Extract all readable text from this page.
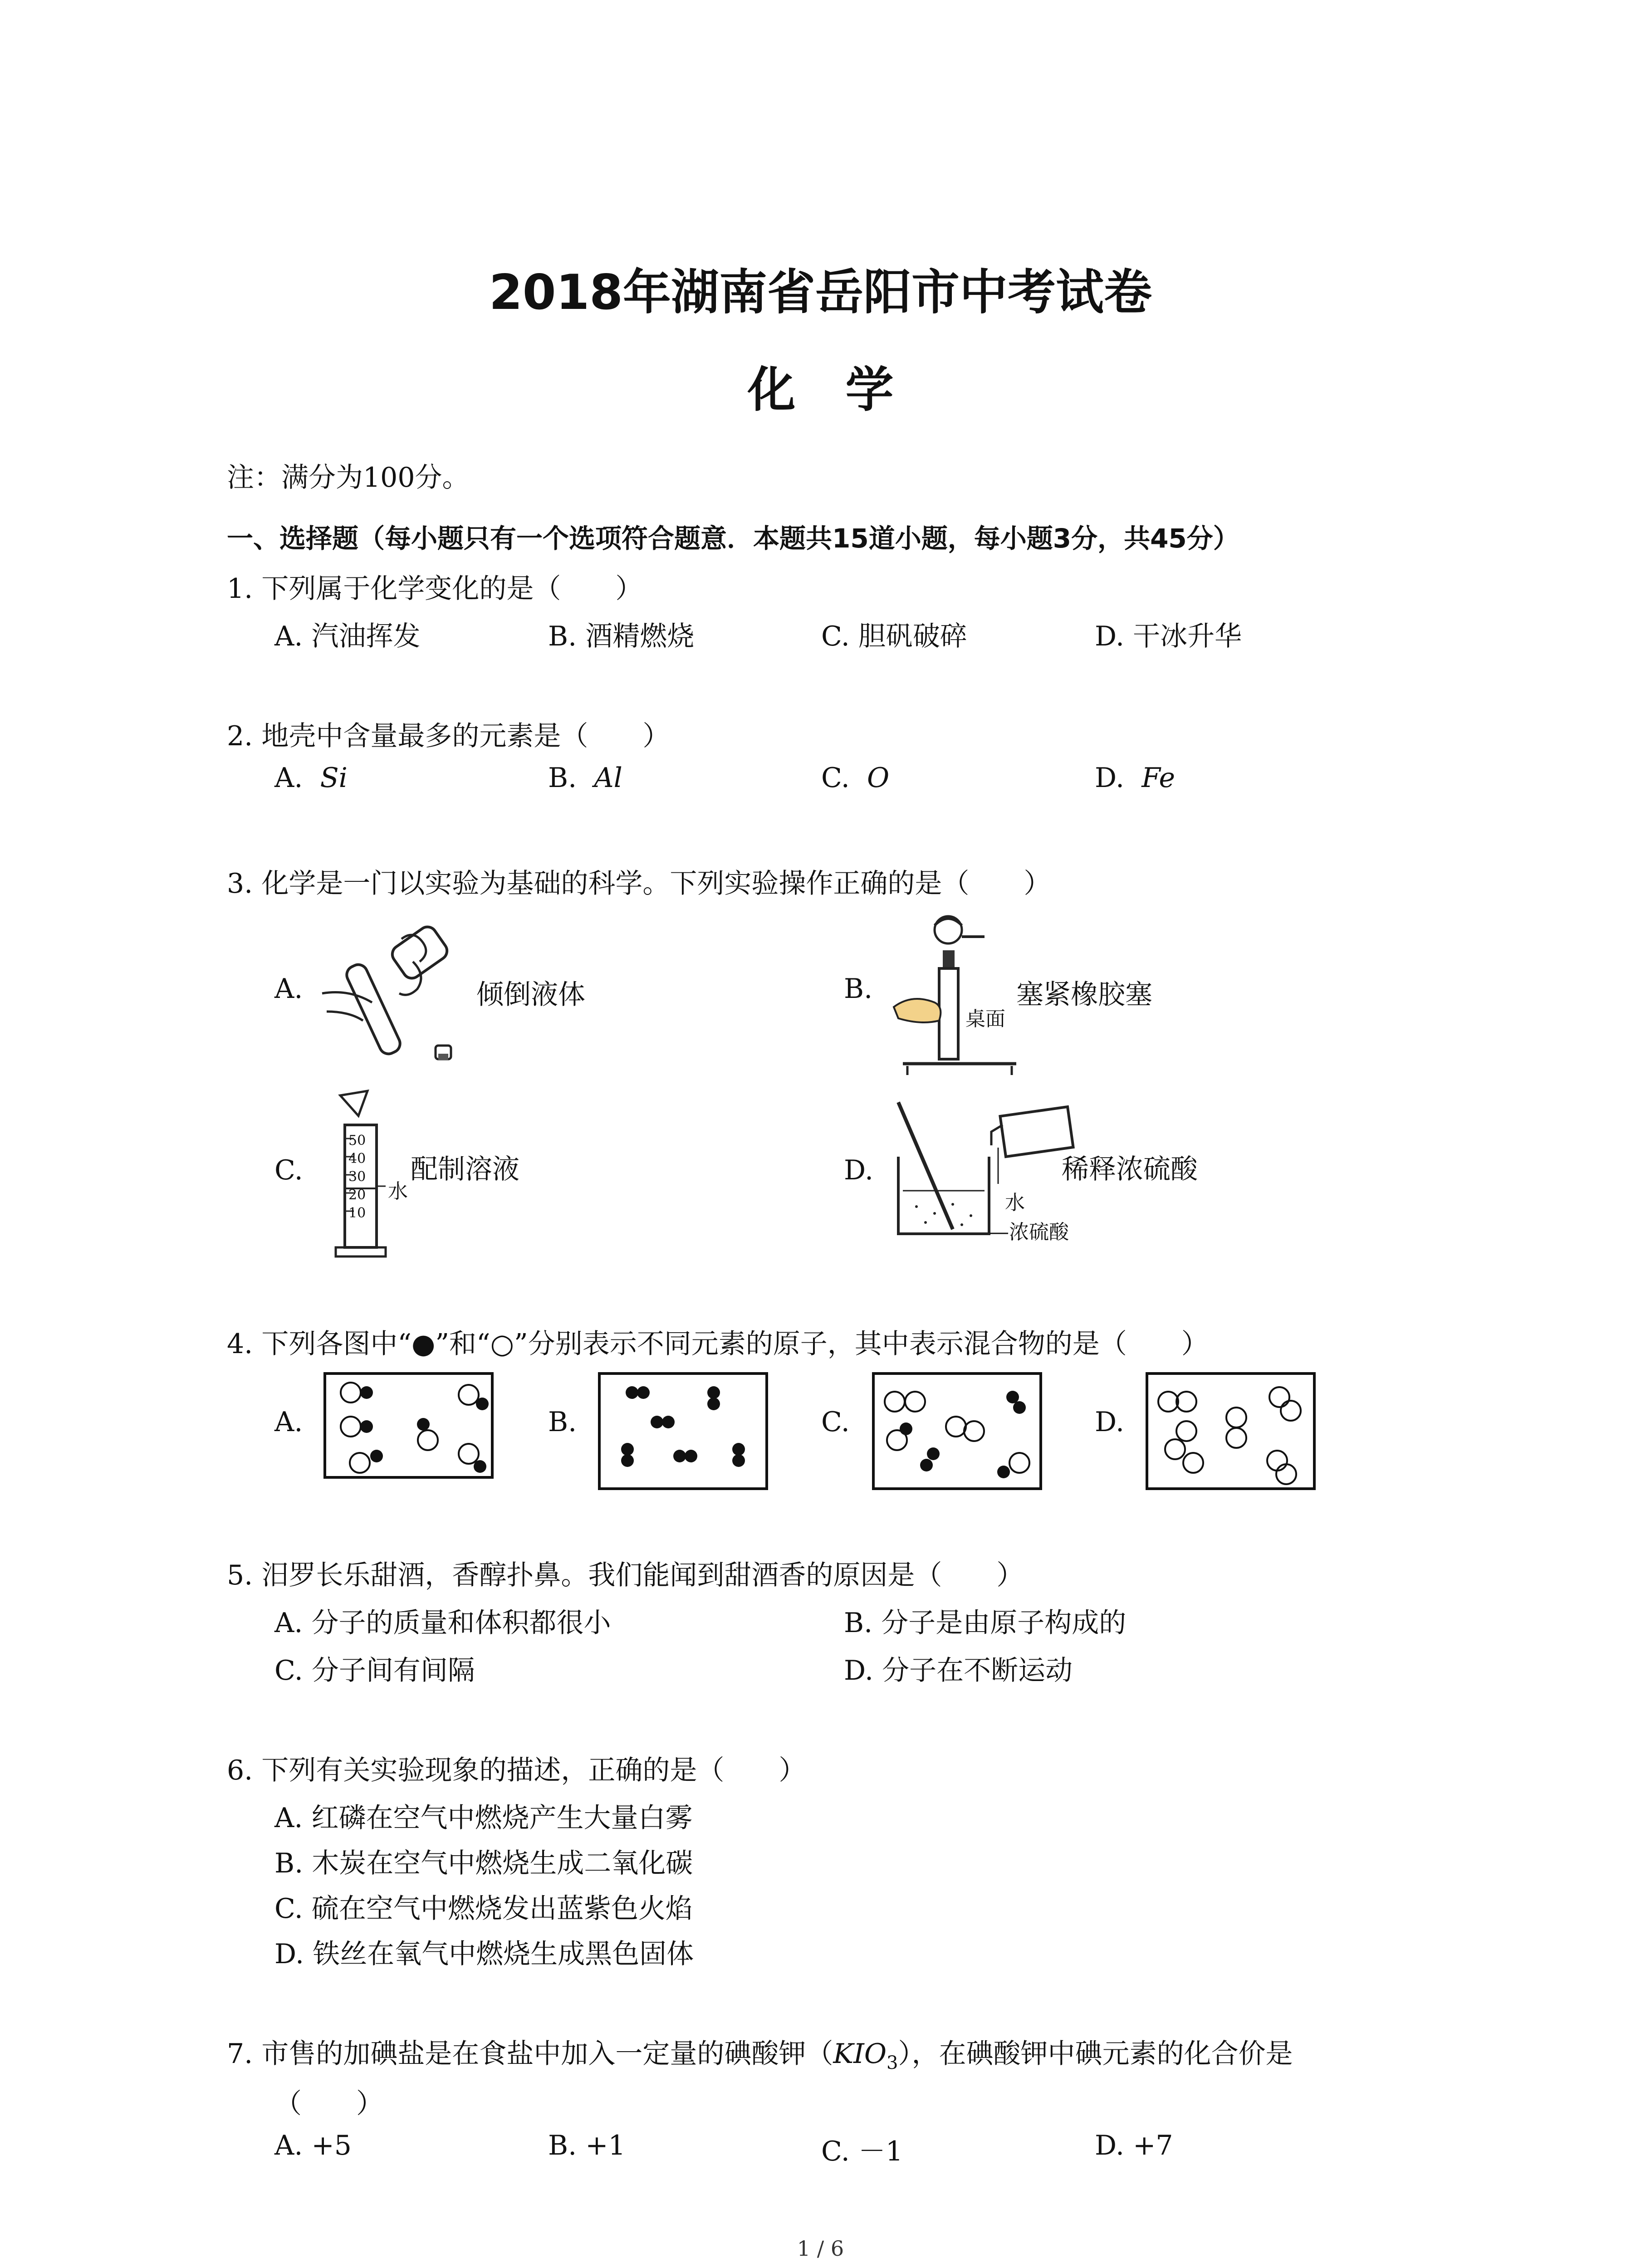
2018年湖南省岳阳市中考试卷
化学
注：满分为100分。
一、选择题（每小题只有一个选项符合题意．本题共15道小题，每小题3分，共45分）
1. 下列属于化学变化的是（　　）
A. 汽油挥发	B. 酒精燃烧	C. 胆矾破碎	D. 干冰升华
2. 地壳中含量最多的元素是（　　）
A. Si	B. Al	C. O	D. Fe
3. 化学是一门以实验为基础的科学。下列实验操作正确的是（　　）
A.	倾倒液体	B.	塞紧橡胶塞
桌面
C.
50
40
30
20
10
水
配制溶液	D.	稀释浓硫酸
水
—浓硫酸
4. 下列各图中“●”和“○”分别表示不同元素的原子，其中表示混合物的是（　　）
A.	B.	C.	D.
5. 汨罗长乐甜酒，香醇扑鼻。我们能闻到甜酒香的原因是（　　）
A. 分子的质量和体积都很小	B. 分子是由原子构成的
C. 分子间有间隔	D. 分子在不断运动
6. 下列有关实验现象的描述，正确的是（　　）
A. 红磷在空气中燃烧产生大量白雾
B. 木炭在空气中燃烧生成二氧化碳
C. 硫在空气中燃烧发出蓝紫色火焰
D. 铁丝在氧气中燃烧生成黑色固体
7. 市售的加碘盐是在食盐中加入一定量的碘酸钾$(KIO_3)$，在碘酸钾中碘元素的化合价是
（　　）
A. +5	B. +1	C. －1	D. +7
1 / 6
